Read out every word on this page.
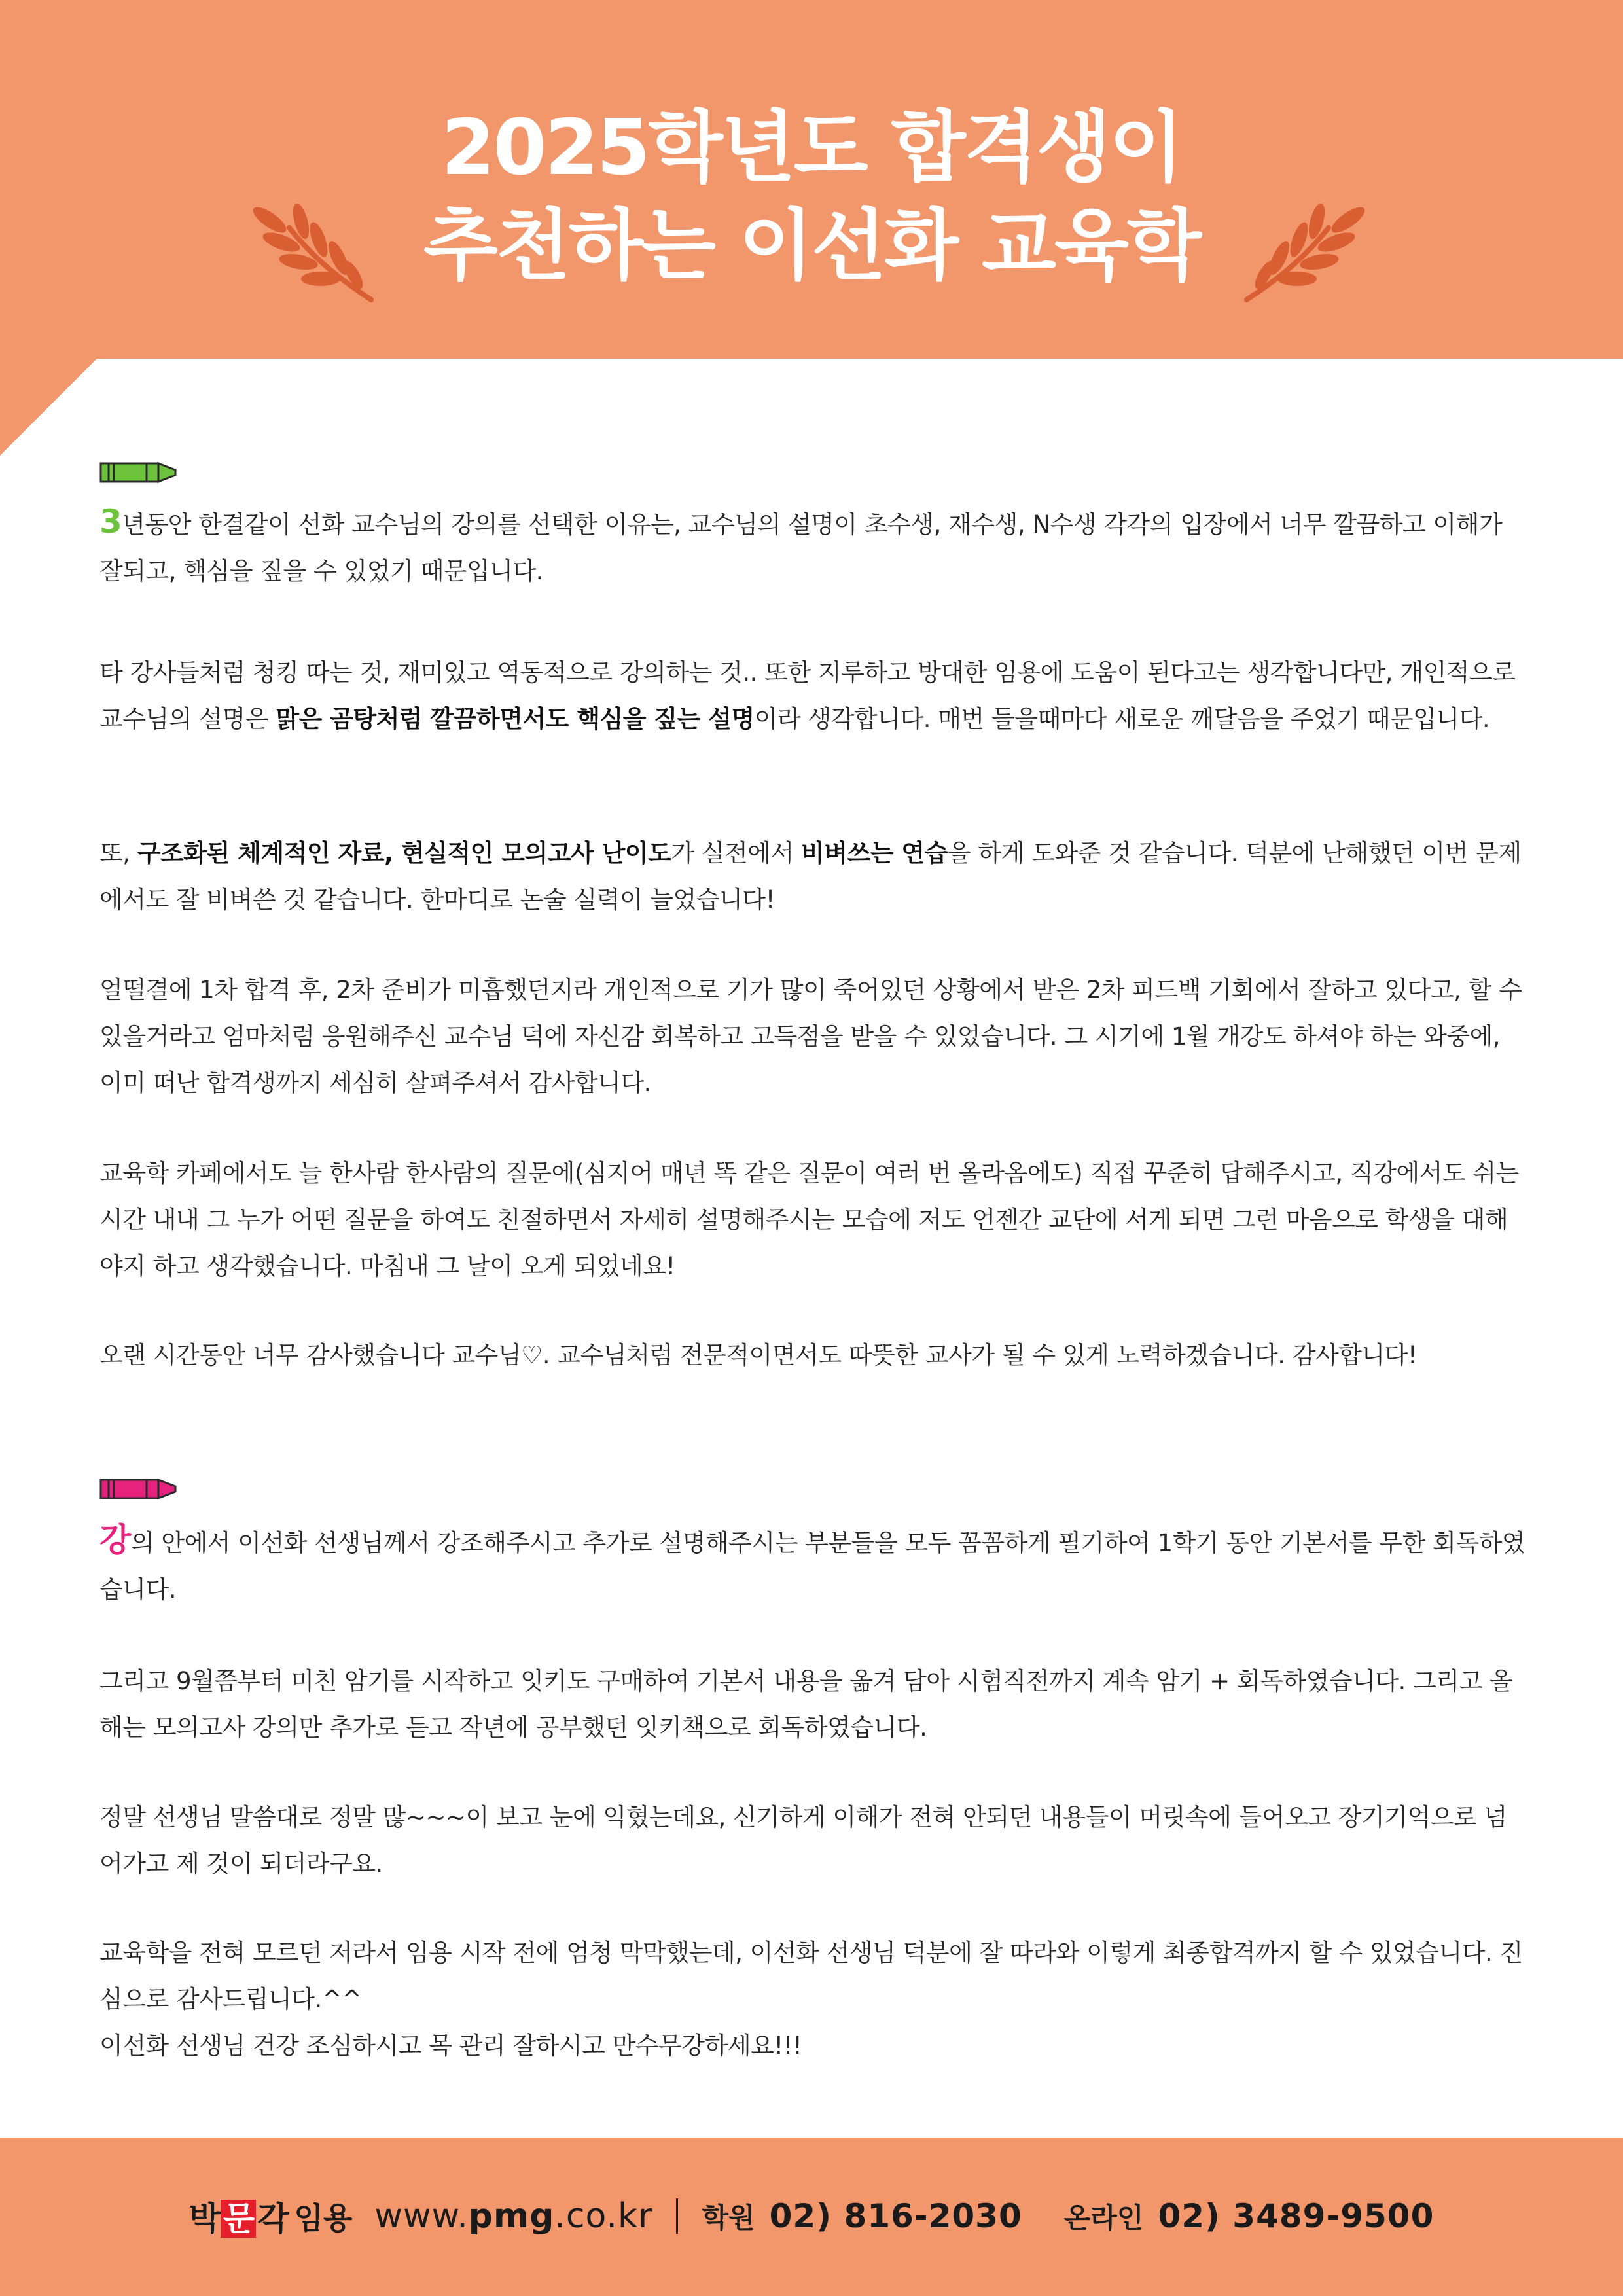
2025학년도 합격생이
추천하는 이선화 교육학
3년동안 한결같이 선화 교수님의 강의를 선택한 이유는, 교수님의 설명이 초수생, 재수생, N수생 각각의 입장에서 너무 깔끔하고 이해가 잘되고, 핵심을 짚을 수 있었기 때문입니다.
타 강사들처럼 청킹 따는 것, 재미있고 역동적으로 강의하는 것.. 또한 지루하고 방대한 임용에 도움이 된다고는 생각합니다만, 개인적으로 교수님의 설명은 맑은 곰탕처럼 깔끔하면서도 핵심을 짚는 설명이라 생각합니다. 매번 들을때마다 새로운 깨달음을 주었기 때문입니다.
또, 구조화된 체계적인 자료, 현실적인 모의고사 난이도가 실전에서 비벼쓰는 연습을 하게 도와준 것 같습니다. 덕분에 난해했던 이번 문제에서도 잘 비벼쓴 것 같습니다. 한마디로 논술 실력이 늘었습니다!
얼떨결에 1차 합격 후, 2차 준비가 미흡했던지라 개인적으로 기가 많이 죽어있던 상황에서 받은 2차 피드백 기회에서 잘하고 있다고, 할 수 있을거라고 엄마처럼 응원해주신 교수님 덕에 자신감 회복하고 고득점을 받을 수 있었습니다. 그 시기에 1월 개강도 하셔야 하는 와중에, 이미 떠난 합격생까지 세심히 살펴주셔서 감사합니다.
교육학 카페에서도 늘 한사람 한사람의 질문에(심지어 매년 똑 같은 질문이 여러 번 올라옴에도) 직접 꾸준히 답해주시고, 직강에서도 쉬는시간 내내 그 누가 어떤 질문을 하여도 친절하면서 자세히 설명해주시는 모습에 저도 언젠간 교단에 서게 되면 그런 마음으로 학생을 대해야지 하고 생각했습니다. 마침내 그 날이 오게 되었네요!
오랜 시간동안 너무 감사했습니다 교수님♡. 교수님처럼 전문적이면서도 따뜻한 교사가 될 수 있게 노력하겠습니다. 감사합니다!
강의 안에서 이선화 선생님께서 강조해주시고 추가로 설명해주시는 부분들을 모두 꼼꼼하게 필기하여 1학기 동안 기본서를 무한 회독하였습니다.
그리고 9월쯤부터 미친 암기를 시작하고 잇키도 구매하여 기본서 내용을 옮겨 담아 시험직전까지 계속 암기 + 회독하였습니다. 그리고 올해는 모의고사 강의만 추가로 듣고 작년에 공부했던 잇키책으로 회독하였습니다.
정말 선생님 말씀대로 정말 많~~~이 보고 눈에 익혔는데요, 신기하게 이해가 전혀 안되던 내용들이 머릿속에 들어오고 장기기억으로 넘어가고 제 것이 되더라구요.
교육학을 전혀 모르던 저라서 임용 시작 전에 엄청 막막했는데, 이선화 선생님 덕분에 잘 따라와 이렇게 최종합격까지 할 수 있었습니다. 진심으로 감사드립니다.^^
이선화 선생님 건강 조심하시고 목 관리 잘하시고 만수무강하세요!!!
박 문 각 임용 www.pmg.co.kr 학원 02) 816-2030 온라인 02) 3489-9500
